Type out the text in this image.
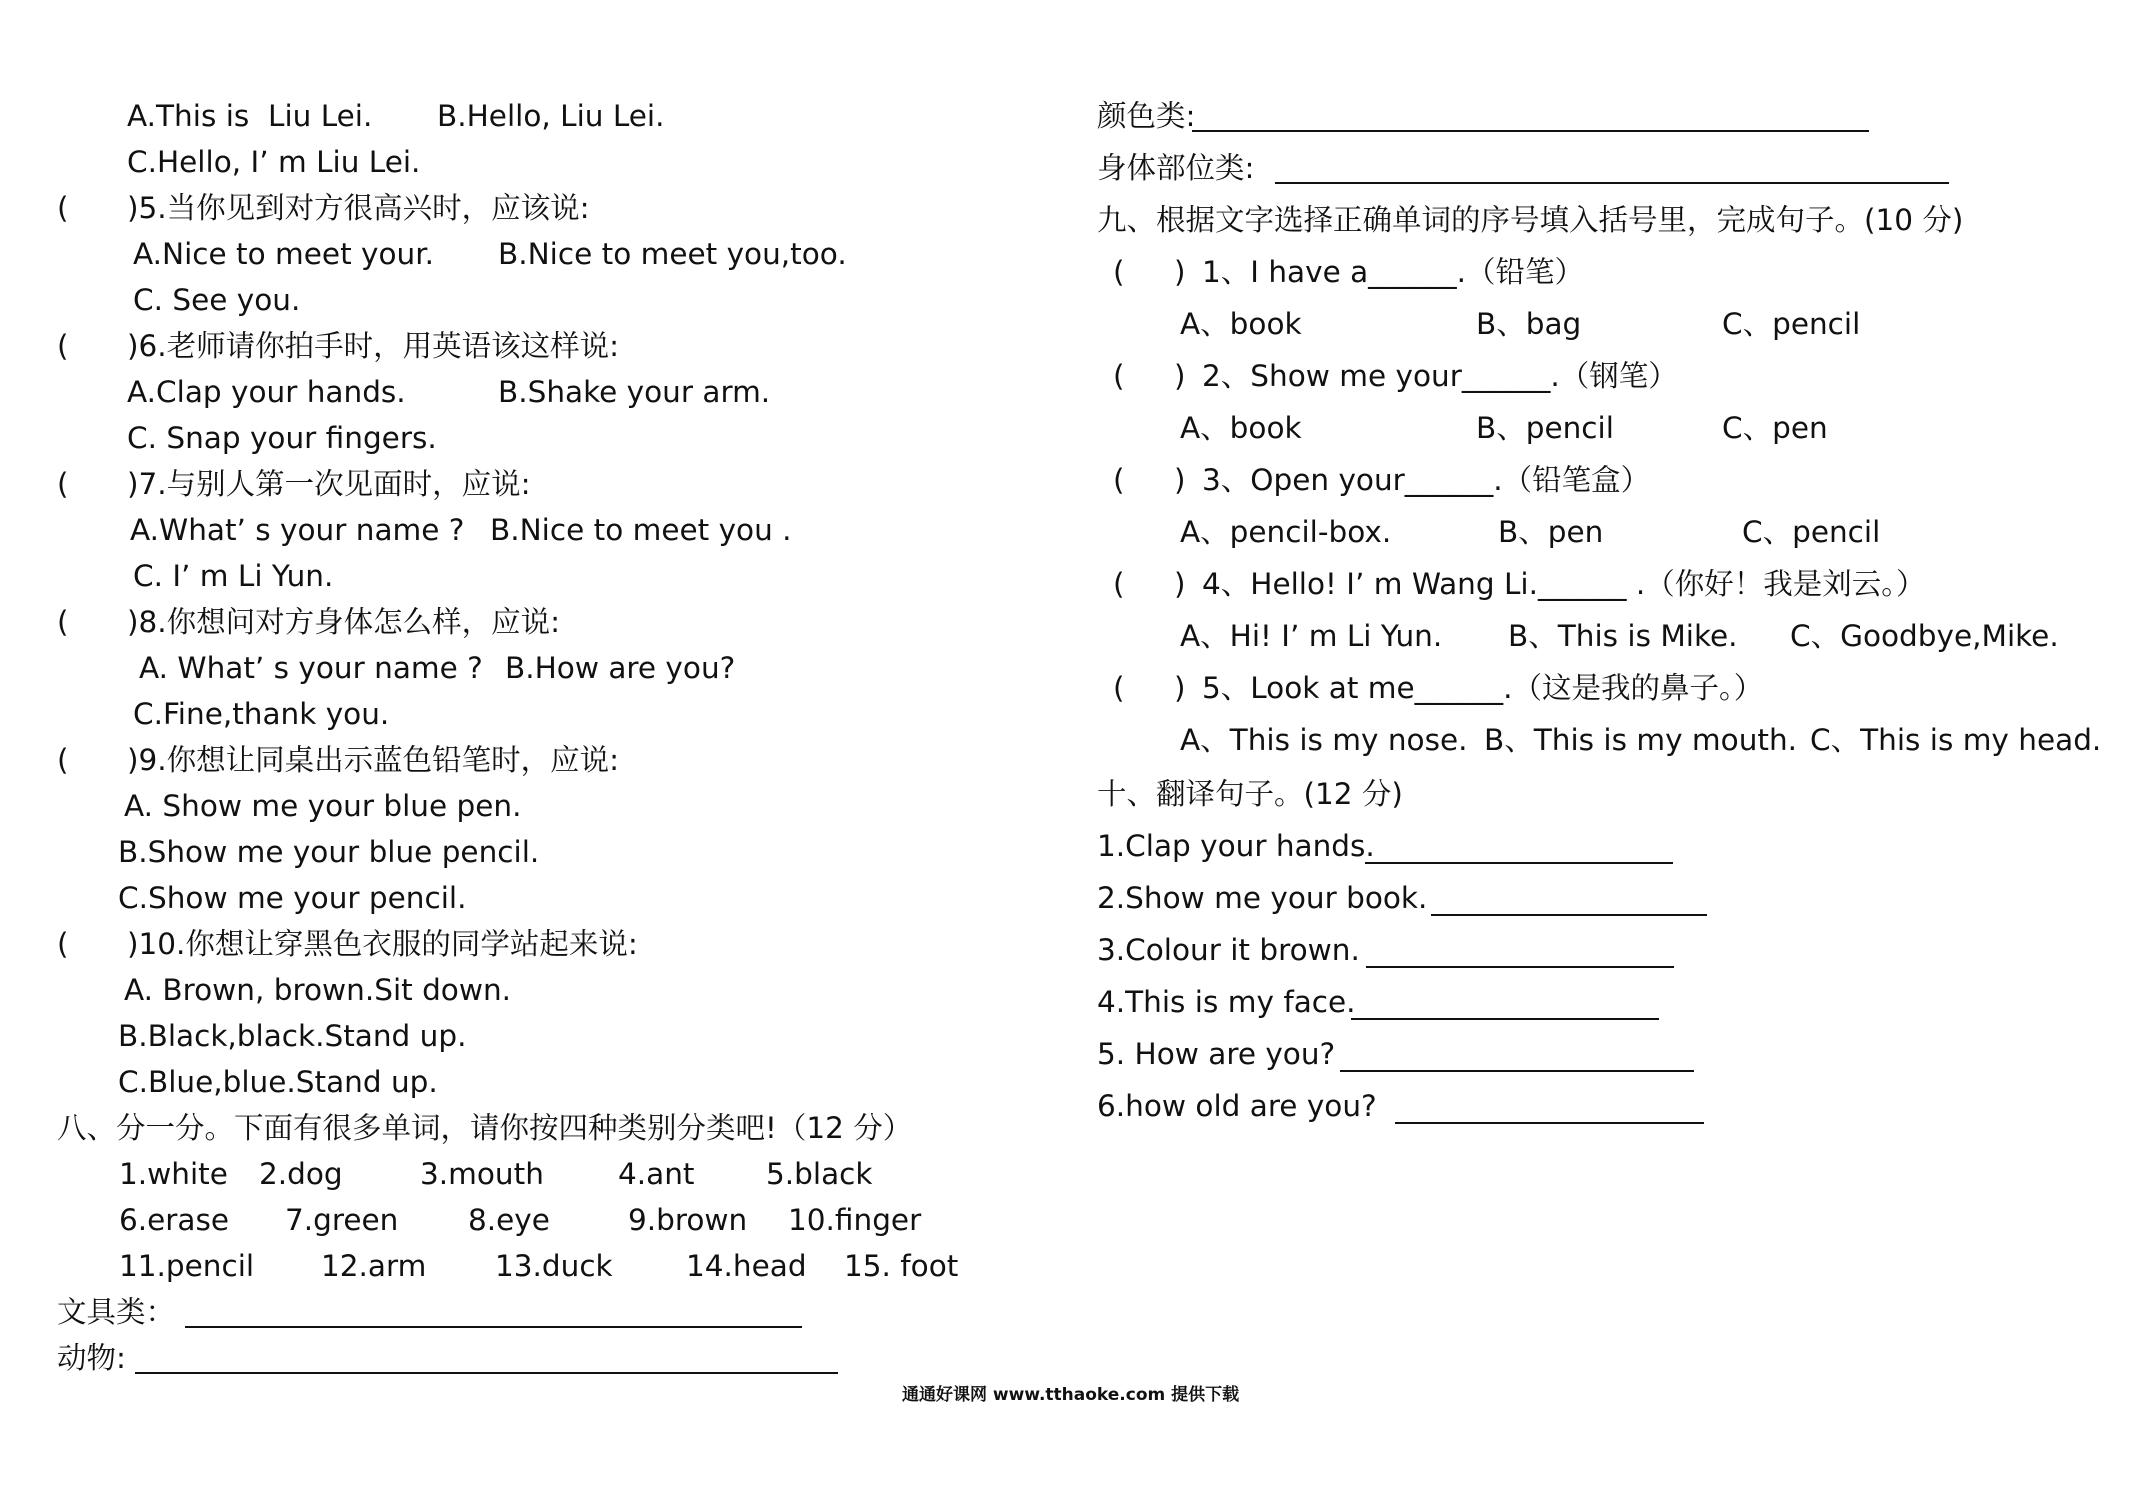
A.This is  Liu Lei. B.Hello, Liu Lei.
C.Hello, I’ m Liu Lei.
( )5.当你见到对方很高兴时，应该说:
A.Nice to meet your. B.Nice to meet you,too.
C. See you.
( )6.老师请你拍手时，用英语该这样说:
A.Clap your hands.	B.Shake your arm.
C. Snap your fingers.
( )7.与别人第一次见面时，应说:
A.What’ s your name ? B.Nice to meet you .
C. I’ m Li Yun.
( )8.你想问对方身体怎么样，应说:
A. What’ s your name ? B.How are you?
C.Fine,thank you.
( )9.你想让同桌出示蓝色铅笔时，应说:
A. Show me your blue pen.
B.Show me your blue pencil.
C.Show me your pencil.
( )10.你想让穿黑色衣服的同学站起来说:
A. Brown, brown.Sit down.
B.Black,black.Stand up.
C.Blue,blue.Stand up.
八、分一分。下面有很多单词，请你按四种类别分类吧!（12 分）
1.white 2.dog	3.mouth	4.ant 5.black
6.erase 7.green 8.eye	9.brown 10.finger
11.pencil 12.arm 13.duck 14.head 15. foot
文具类：
动物:
颜色类:
身体部位类:
九、根据文字选择正确单词的序号填入括号里，完成句子。(10 分)
( ) 1、I have a______.（铅笔）
A、book	B、bag	C、pencil
( ) 2、Show me your______.（钢笔）
A、book	B、pencil	C、pen
( ) 3、Open your______.（铅笔盒）
A、pencil-box.	B、pen	C、pencil
( ) 4、Hello! I’ m Wang Li.______ .（你好！我是刘云。）
A、Hi! I’ m Li Yun. B、This is Mike. C、Goodbye,Mike.
( ) 5、Look at me______.（这是我的鼻子。）
A、This is my nose. B、This is my mouth. C、This is my head.
十、翻译句子。(12 分)
1.Clap your hands.
2.Show me your book.
3.Colour it brown.
4.This is my face.
5. How are you?
6.how old are you?
通通好课网 www.tthaoke.com 提供下载
